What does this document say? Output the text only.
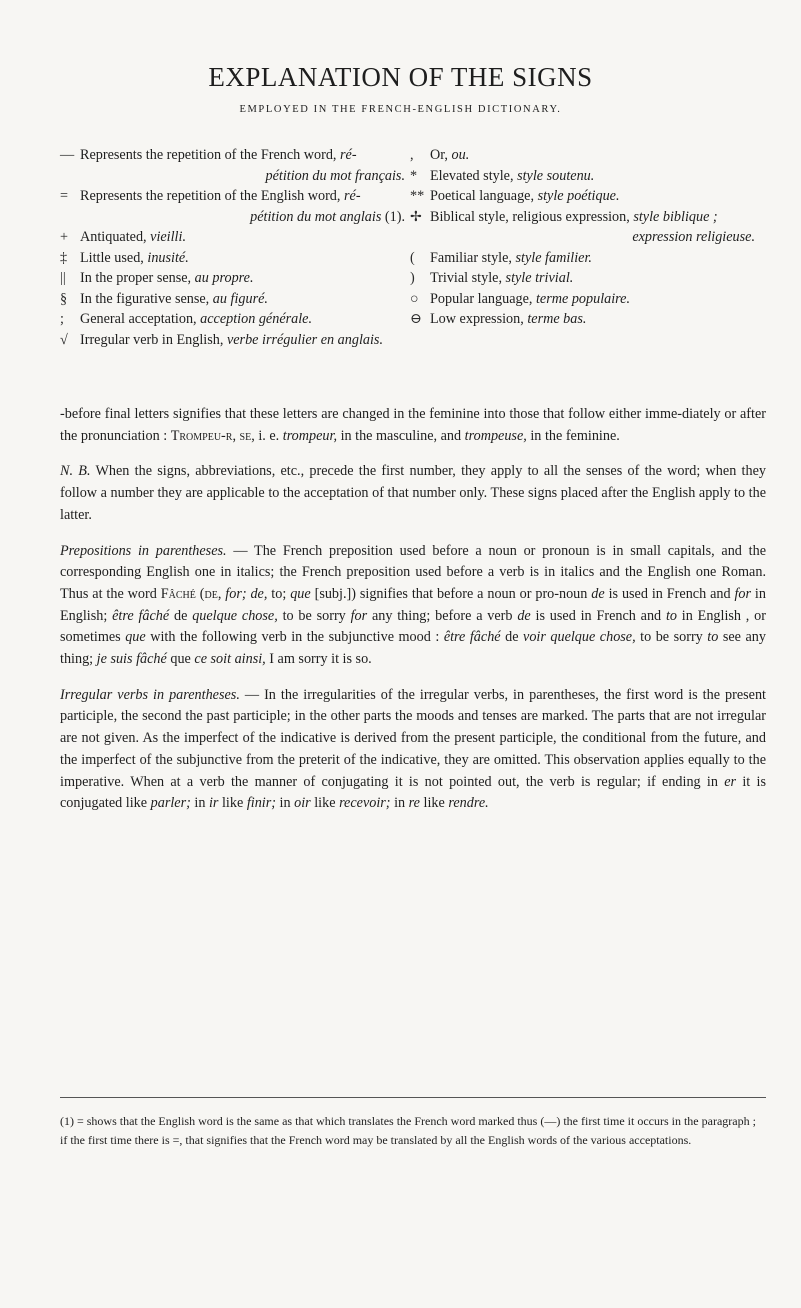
EXPLANATION OF THE SIGNS
EMPLOYED IN THE FRENCH-ENGLISH DICTIONARY.
— Represents the repetition of the French word, ré-
pétition du mot français.
= Represents the repetition of the English word, ré-
pétition du mot anglais (1).
+ Antiquated, vieilli.
‡ Little used, inusité.
||	In the proper sense, au propre.
§ In the figurative sense, au figuré.
;	General acceptation, acception générale.
√ Irregular verb in English, verbe irrégulier en anglais.
,	Or, ou.
* Elevated style, style soutenu.
** Poetical language, style poétique.
✢ Biblical style, religious expression, style biblique ;
expression religieuse.
(	Familiar style, style familier.
)	Trivial style, style trivial.
○ Popular language, terme populaire.
⊖ Low expression, terme bas.

-before final letters signifies that these letters are changed in the feminine into those that follow either imme-diately or after the pronunciation : Trompeu-r, se, i. e. trompeur, in the masculine, and trompeuse, in the feminine.

N. B. When the signs, abbreviations, etc., precede the first number, they apply to all the senses of the word; when they follow a number they are applicable to the acceptation of that number only. These signs placed after the English apply to the latter.

Prepositions in parentheses. — The French preposition used before a noun or pronoun is in small capitals, and the corresponding English one in italics; the French preposition used before a verb is in italics and the English one Roman. Thus at the word Fâché (de, for; de, to; que [subj.]) signifies that before a noun or pro-noun de is used in French and for in English; être fâché de quelque chose, to be sorry for any thing; before a verb de is used in French and to in English , or sometimes que with the following verb in the subjunctive mood : être fâché de voir quelque chose, to be sorry to see any thing; je suis fâché que ce soit ainsi, I am sorry it is so.

Irregular verbs in parentheses. — In the irregularities of the irregular verbs, in parentheses, the first word is the present participle, the second the past participle; in the other parts the moods and tenses are marked. The parts that are not irregular are not given. As the imperfect of the indicative is derived from the present participle, the conditional from the future, and the imperfect of the subjunctive from the preterit of the indicative, they are omitted. This observation applies equally to the imperative. When at a verb the manner of conjugating it is not pointed out, the verb is regular; if ending in er it is conjugated like parler; in ir like finir; in oir like recevoir; in re like rendre.

(1) = shows that the English word is the same as that which translates the French word marked thus (—) the first time it occurs in the paragraph ; if the first time there is =, that signifies that the French word may be translated by all the English words of the various acceptations.
